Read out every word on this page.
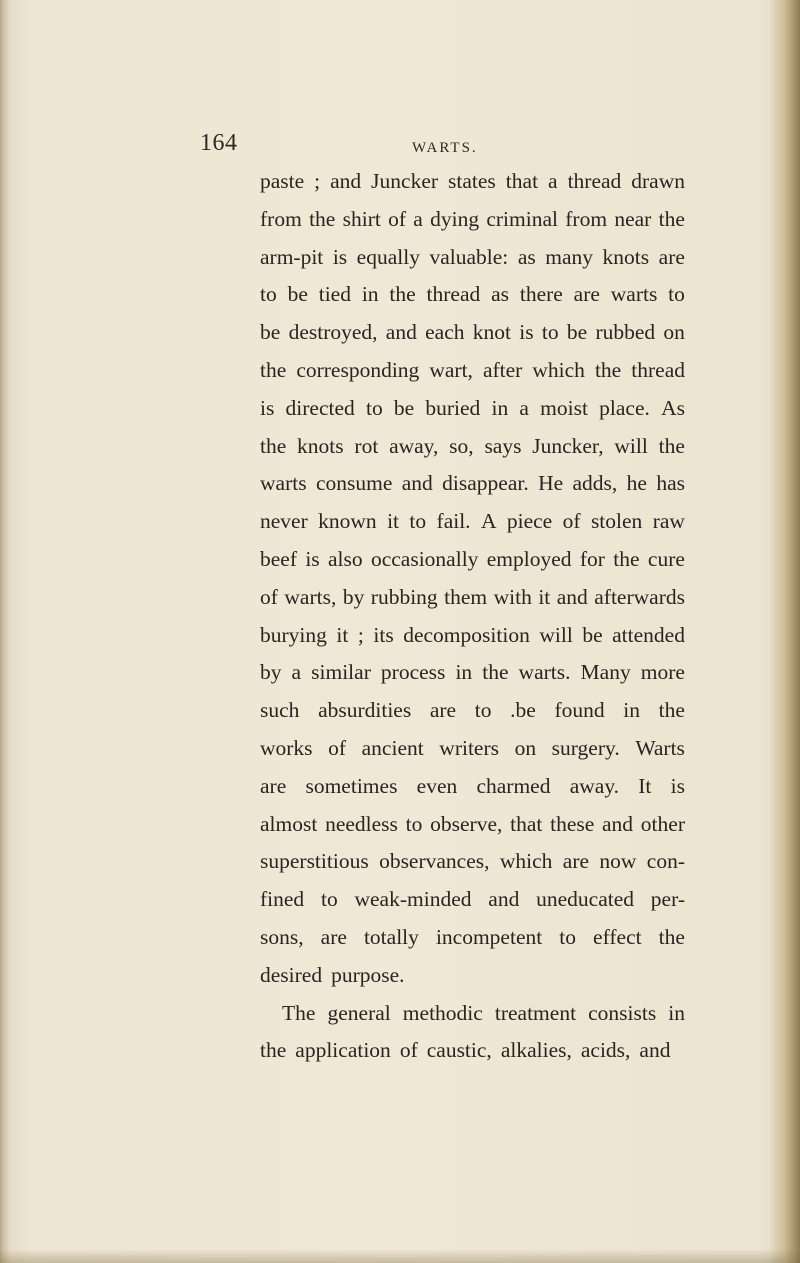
164	WARTS.
paste ; and Juncker states that a thread drawn
from the shirt of a dying criminal from near the
arm-pit is equally valuable: as many knots are
to be tied in the thread as there are warts to
be destroyed, and each knot is to be rubbed on
the corresponding wart, after which the thread
is directed to be buried in a moist place. As
the knots rot away, so, says Juncker, will the
warts consume and disappear. He adds, he has
never known it to fail. A piece of stolen raw
beef is also occasionally employed for the cure
of warts, by rubbing them with it and afterwards
burying it ; its decomposition will be attended
by a similar process in the warts. Many more
such absurdities are to .be found in the
works of ancient writers on surgery. Warts
are sometimes even charmed away. It is
almost needless to observe, that these and other
superstitious observances, which are now con-
fined to weak-minded and uneducated per-
sons, are totally incompetent to effect the
desired purpose.
The general methodic treatment consists in
the application of caustic, alkalies, acids, and
